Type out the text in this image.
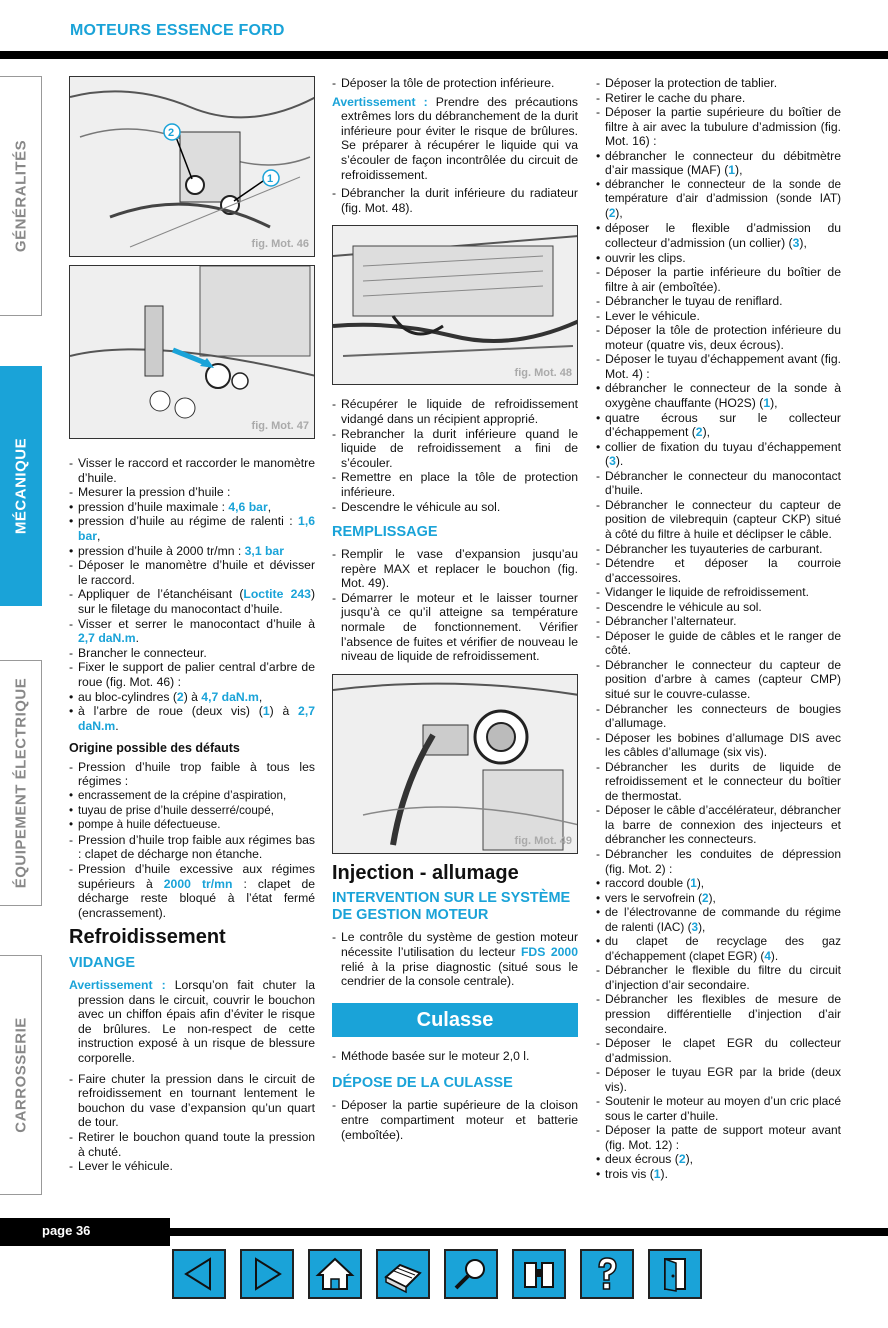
MOTEURS ESSENCE FORD
GÉNÉRALITÉS
MÉCANIQUE
ÉQUIPEMENT ÉLECTRIQUE
CARROSSERIE
2
1
fig. Mot. 46
fig. Mot. 47
- Visser le raccord et raccorder le manomètre d’huile.
- Mesurer la pression d’huile :
• pression d’huile maximale : 4,6 bar,
• pression d’huile au régime de ralenti : 1,6 bar,
• pression d’huile à 2000 tr/mn : 3,1 bar
- Déposer le manomètre d’huile et dévisser le raccord.
- Appliquer de l’étanchéisant (Loctite 243) sur le filetage du manocontact d’huile.
- Visser et serrer le manocontact d’huile à 2,7 daN.m.
- Brancher le connecteur.
- Fixer le support de palier central d’arbre de roue (fig. Mot. 46) :
• au bloc-cylindres (2) à 4,7 daN.m,
• à l’arbre de roue (deux vis) (1) à 2,7 daN.m.
Origine possible des défauts
- Pression d’huile trop faible à tous les régimes :
• encrassement de la crépine d’aspiration,
• tuyau de prise d’huile desserré/coupé,
• pompe à huile défectueuse.
- Pression d’huile trop faible aux régimes bas : clapet de décharge non étanche.
- Pression d’huile excessive aux régimes supérieurs à 2000 tr/mn : clapet de décharge reste bloqué à l’état fermé (encrassement).
Refroidissement
VIDANGE
Avertissement : Lorsqu’on fait chuter la pression dans le circuit, couvrir le bouchon avec un chiffon épais afin d’éviter le risque de brûlures. Le non-respect de cette instruction exposé à un risque de blessure corporelle.
- Faire chuter la pression dans le circuit de refroidissement en tournant lentement le bouchon du vase d’expansion qu’un quart de tour.
- Retirer le bouchon quand toute la pression à chuté.
- Lever le véhicule.
- Déposer la tôle de protection inférieure.
Avertissement : Prendre des précautions extrêmes lors du débranchement de la durit inférieure pour éviter le risque de brûlures. Se préparer à récupérer le liquide qui va s’écouler de façon incontrôlée du circuit de refroidissement.
- Débrancher la durit inférieure du radiateur (fig. Mot. 48).
fig. Mot. 48
- Récupérer le liquide de refroidissement vidangé dans un récipient approprié.
- Rebrancher la durit inférieure quand le liquide de refroidissement a fini de s’écouler.
- Remettre en place la tôle de protection inférieure.
- Descendre le véhicule au sol.
REMPLISSAGE
- Remplir le vase d’expansion jusqu’au repère MAX et replacer le bouchon (fig. Mot. 49).
- Démarrer le moteur et le laisser tourner jusqu’à ce qu’il atteigne sa température normale de fonctionnement. Vérifier l’absence de fuites et vérifier de nouveau le niveau de liquide de refroidissement.
fig. Mot. 49
Injection - allumage
INTERVENTION SUR LE SYSTÈME DE GESTION MOTEUR
- Le contrôle du système de gestion moteur nécessite l’utilisation du lecteur FDS 2000 relié à la prise diagnostic (situé sous le cendrier de la console centrale).
Culasse
- Méthode basée sur le moteur 2,0 l.
DÉPOSE DE LA CULASSE
- Déposer la partie supérieure de la cloison entre compartiment moteur et batterie (emboîtée).
- Déposer la protection de tablier.
- Retirer le cache du phare.
- Déposer la partie supérieure du boîtier de filtre à air avec la tubulure d’admission (fig. Mot. 16) :
• débrancher le connecteur du débitmètre d’air massique (MAF) (1),
• débrancher le connecteur de la sonde de température d’air d’admission (sonde IAT) (2),
• déposer le flexible d’admission du collecteur d’admission (un collier) (3),
• ouvrir les clips.
- Déposer la partie inférieure du boîtier de filtre à air (emboîtée).
- Débrancher le tuyau de reniflard.
- Lever le véhicule.
- Déposer la tôle de protection inférieure du moteur (quatre vis, deux écrous).
- Déposer le tuyau d’échappement avant (fig. Mot. 4) :
• débrancher le connecteur de la sonde à oxygène chauffante (HO2S) (1),
• quatre écrous sur le collecteur d’échappement (2),
• collier de fixation du tuyau d’échappement (3).
- Débrancher le connecteur du manocontact d’huile.
- Débrancher le connecteur du capteur de position de vilebrequin (capteur CKP) situé à côté du filtre à huile et déclipser le câble.
- Débrancher les tuyauteries de carburant.
- Détendre et déposer la courroie d’accessoires.
- Vidanger le liquide de refroidissement.
- Descendre le véhicule au sol.
- Débrancher l’alternateur.
- Déposer le guide de câbles et le ranger de côté.
- Débrancher le connecteur du capteur de position d’arbre à cames (capteur CMP) situé sur le couvre-culasse.
- Débrancher les connecteurs de bougies d’allumage.
- Déposer les bobines d’allumage DIS avec les câbles d’allumage (six vis).
- Débrancher les durits de liquide de refroidissement et le connecteur du boîtier de thermostat.
- Déposer le câble d’accélérateur, débrancher la barre de connexion des injecteurs et débrancher les connecteurs.
- Débrancher les conduites de dépression (fig. Mot. 2) :
• raccord double (1),
• vers le servofrein (2),
• de l’électrovanne de commande du régime de ralenti (IAC) (3),
• du clapet de recyclage des gaz d’échappement (clapet EGR) (4).
- Débrancher le flexible du filtre du circuit d’injection d’air secondaire.
- Débrancher les flexibles de mesure de pression différentielle d’injection d’air secondaire.
- Déposer le clapet EGR du collecteur d’admission.
- Déposer le tuyau EGR par la bride (deux vis).
- Soutenir le moteur au moyen d’un cric placé sous le carter d’huile.
- Déposer la patte de support moteur avant (fig. Mot. 12) :
• deux écrous (2),
• trois vis (1).
page 36
